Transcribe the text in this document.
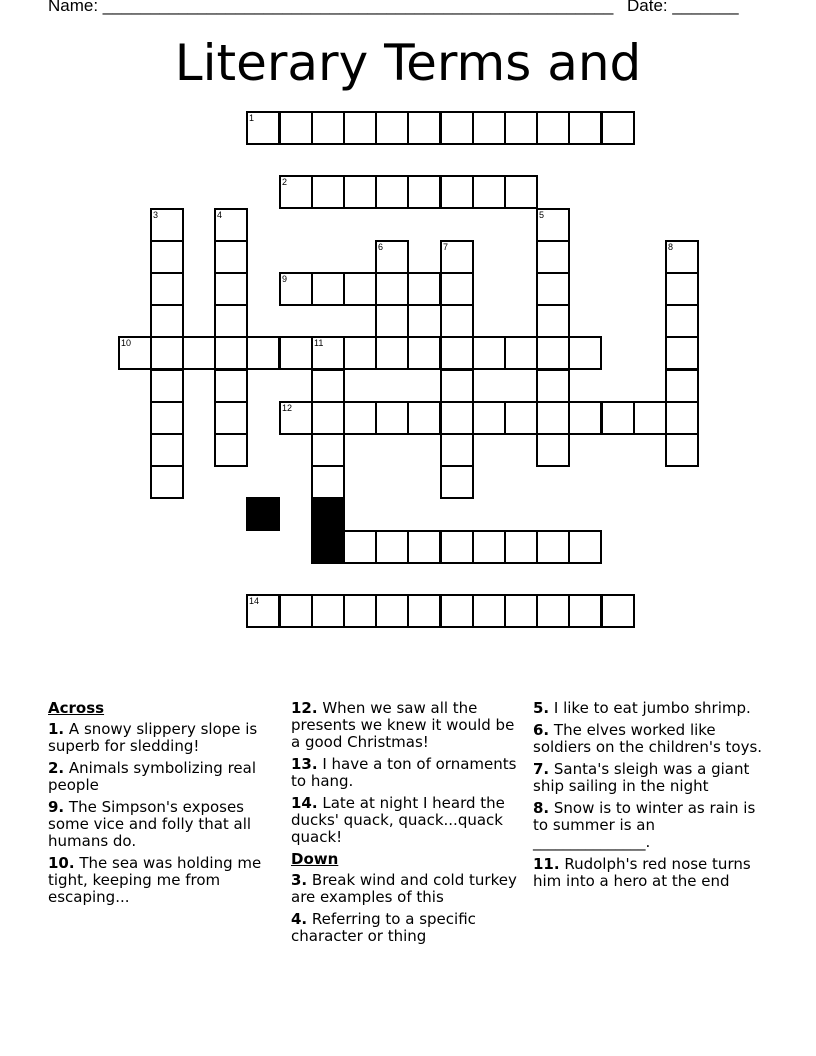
Name: ______________________________________________________ Date: _______
Literary Terms and
1
2
3	4	5
6	7	8
9
10	11
12
14
Across
1. A snowy slippery slope is superb for sledding!
2. Animals symbolizing real people
9. The Simpson's exposes some vice and folly that all humans do.
10. The sea was holding me tight, keeping me from escaping...
12. When we saw all the presents we knew it would be a good Christmas!
13. I have a ton of ornaments to hang.
14. Late at night I heard the ducks' quack, quack...quack quack!
Down
3. Break wind and cold turkey are examples of this
4. Referring to a specific character or thing
5. I like to eat jumbo shrimp.
6. The elves worked like soldiers on the children's toys.
7. Santa's sleigh was a giant ship sailing in the night
8. Snow is to winter as rain is to summer is an _______________.
11. Rudolph's red nose turns him into a hero at the end
